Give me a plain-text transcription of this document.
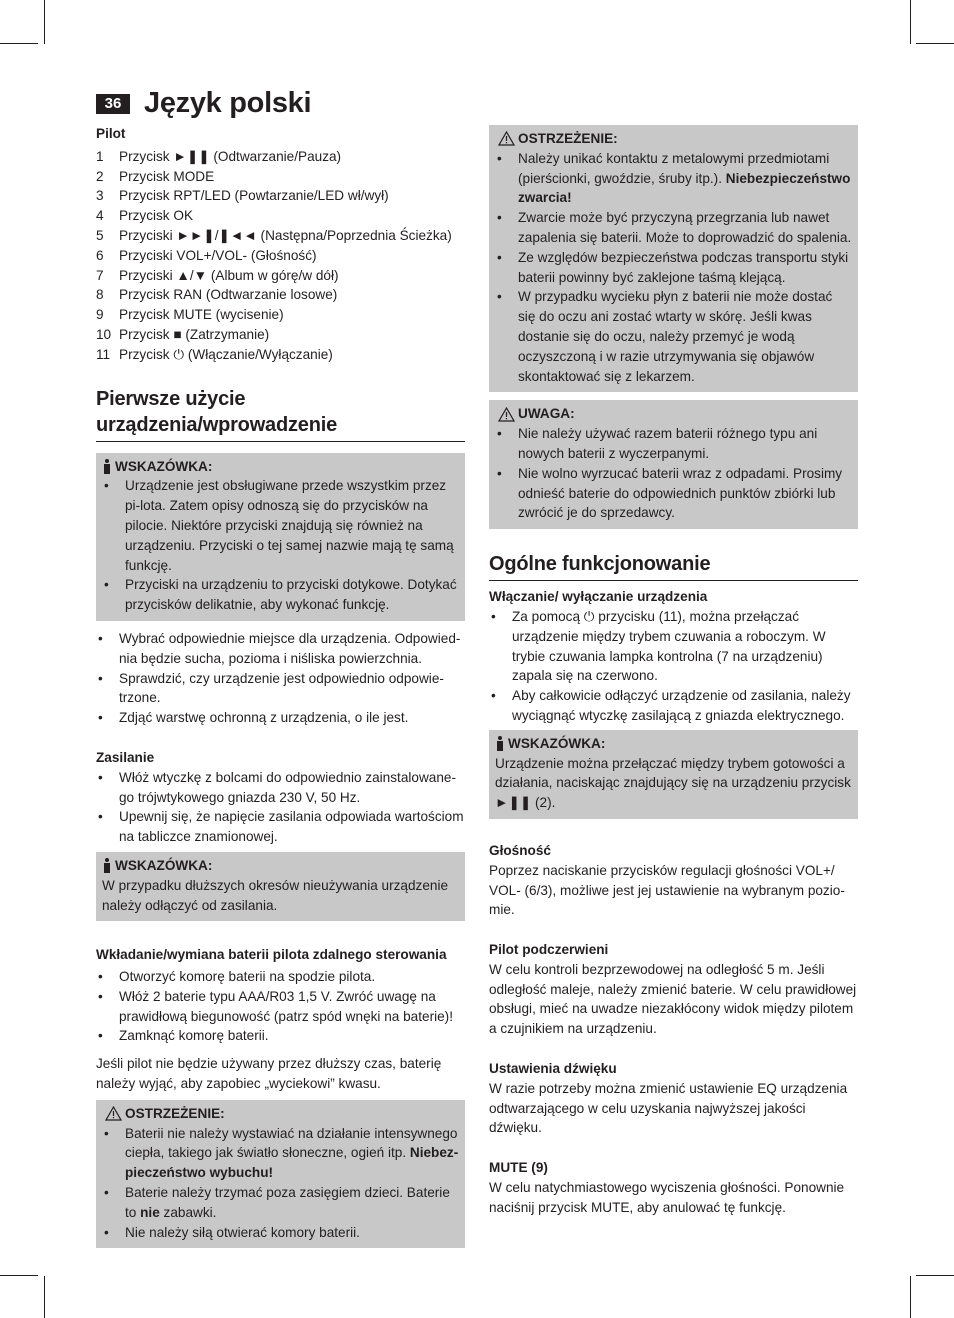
36 Język polski
Pilot
1	Przycisk ►❚❚ (Odtwarzanie/Pauza)
2	Przycisk MODE
3	Przycisk RPT/LED (Powtarzanie/LED wł/wył)
4	Przycisk OK
5	Przyciski ►►❚/❚◄◄ (Następna/Poprzednia Ścieżka)
6	Przyciski VOL+/VOL- (Głośność)
7	Przyciski ▲/▼ (Album w górę/w dół)
8	Przycisk RAN (Odtwarzanie losowe)
9	Przycisk MUTE (wycisenie)
10 Przycisk ■ (Zatrzymanie)
11 Przycisk ⏻ (Włączanie/Wyłączanie)
Pierwsze użycie urządzenia/wprowadzenie
WSKAZÓWKA:
• Urządzenie jest obsługiwane przede wszystkim przez pi-lota. Zatem opisy odnoszą się do przycisków na pilocie. Niektóre przyciski znajdują się również na urządzeniu. Przyciski o tej samej nazwie mają tę samą funkcję.
• Przyciski na urządzeniu to przyciski dotykowe. Dotykać przycisków delikatnie, aby wykonać funkcję.
• Wybrać odpowiednie miejsce dla urządzenia. Odpowied-nia będzie sucha, pozioma i niśliska powierzchnia.
• Sprawdzić, czy urządzenie jest odpowiednio odpowie-trzone.
• Zdjąć warstwę ochronną z urządzenia, o ile jest.
Zasilanie
• Włóż wtyczkę z bolcami do odpowiednio zainstalowane-go trójwtykowego gniazda 230 V, 50 Hz.
• Upewnij się, że napięcie zasilania odpowiada wartościom na tabliczce znamionowej.
WSKAZÓWKA:
W przypadku dłuższych okresów nieużywania urządzenie należy odłączyć od zasilania.
Wkładanie/wymiana baterii pilota zdalnego sterowania
• Otworzyć komorę baterii na spodzie pilota.
• Włóż 2 baterie typu AAA/R03 1,5 V. Zwróć uwagę na prawidłową biegunowość (patrz spód wnęki na baterie)!
• Zamknąć komorę baterii.
Jeśli pilot nie będzie używany przez dłuższy czas, baterię należy wyjąć, aby zapobiec „wyciekowi” kwasu.
OSTRZEŻENIE:
• Baterii nie należy wystawiać na działanie intensywnego ciepła, takiego jak światło słoneczne, ogień itp. Niebez-pieczeństwo wybuchu!
• Baterie należy trzymać poza zasięgiem dzieci. Baterie to nie zabawki.
• Nie należy siłą otwierać komory baterii.
OSTRZEŻENIE:
• Należy unikać kontaktu z metalowymi przedmiotami (pierścionki, gwoździe, śruby itp.). Niebezpieczeństwo zwarcia!
• Zwarcie może być przyczyną przegrzania lub nawet zapalenia się baterii. Może to doprowadzić do spalenia.
• Ze względów bezpieczeństwa podczas transportu styki baterii powinny być zaklejone taśmą klejącą.
• W przypadku wycieku płyn z baterii nie może dostać się do oczu ani zostać wtarty w skórę. Jeśli kwas dostanie się do oczu, należy przemyć je wodą oczyszczoną i w razie utrzymywania się objawów skontaktować się z lekarzem.
UWAGA:
• Nie należy używać razem baterii różnego typu ani nowych baterii z wyczerpanymi.
• Nie wolno wyrzucać baterii wraz z odpadami. Prosimy odnieść baterie do odpowiednich punktów zbiórki lub zwrócić je do sprzedawcy.
Ogólne funkcjonowanie
Włączanie/ wyłączanie urządzenia
• Za pomocą ⏻ przycisku (11), można przełączać urządzenie między trybem czuwania a roboczym. W trybie czuwania lampka kontrolna (7 na urządzeniu) zapala się na czerwono.
• Aby całkowicie odłączyć urządzenie od zasilania, należy wyciągnąć wtyczkę zasilającą z gniazda elektrycznego.
WSKAZÓWKA:
Urządzenie można przełączać między trybem gotowości a działania, naciskając znajdujący się na urządzeniu przycisk ►❚❚ (2).
Głośność
Poprzez naciskanie przycisków regulacji głośności VOL+/ VOL- (6/3), możliwe jest jej ustawienie na wybranym pozio-mie.
Pilot podczerwieni
W celu kontroli bezprzewodowej na odległość 5 m. Jeśli odległość maleje, należy zmienić baterie. W celu prawidłowej obsługi, mieć na uwadze niezakłócony widok między pilotem a czujnikiem na urządzeniu.
Ustawienia dźwięku
W razie potrzeby można zmienić ustawienie EQ urządzenia odtwarzającego w celu uzyskania najwyższej jakości dźwięku.
MUTE (9)
W celu natychmiastowego wyciszenia głośności. Ponownie naciśnij przycisk MUTE, aby anulować tę funkcję.
